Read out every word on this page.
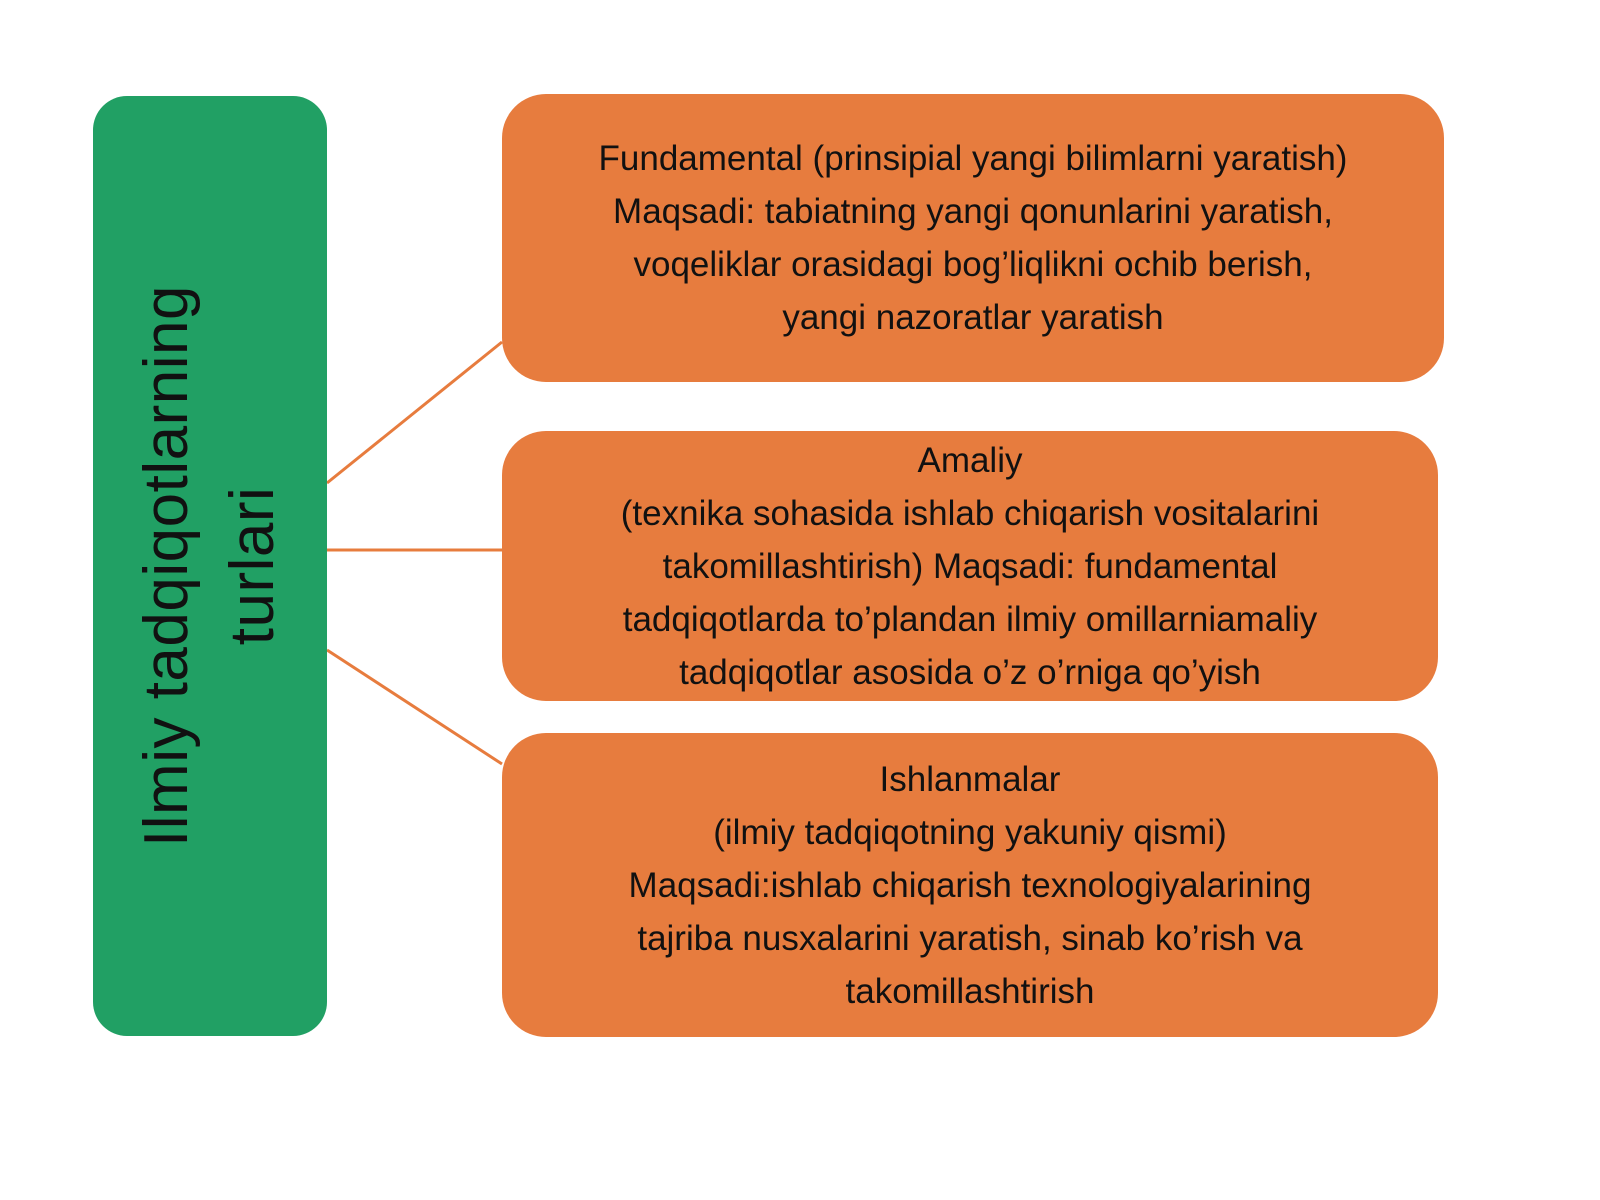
Ilmiy tadqiqotlarning turlari
Fundamental (prinsipial yangi bilimlarni yaratish)
Maqsadi: tabiatning yangi qonunlarini yaratish,
voqeliklar orasidagi bog’liqlikni ochib berish,
yangi nazoratlar yaratish
Amaliy
(texnika sohasida ishlab chiqarish vositalarini
takomillashtirish) Maqsadi: fundamental
tadqiqotlarda to’plandan ilmiy omillarniamaliy
tadqiqotlar asosida o’z o’rniga qo’yish
Ishlanmalar
(ilmiy tadqiqotning yakuniy qismi)
Maqsadi:ishlab chiqarish texnologiyalarining
tajriba nusxalarini yaratish, sinab ko’rish va
takomillashtirish
